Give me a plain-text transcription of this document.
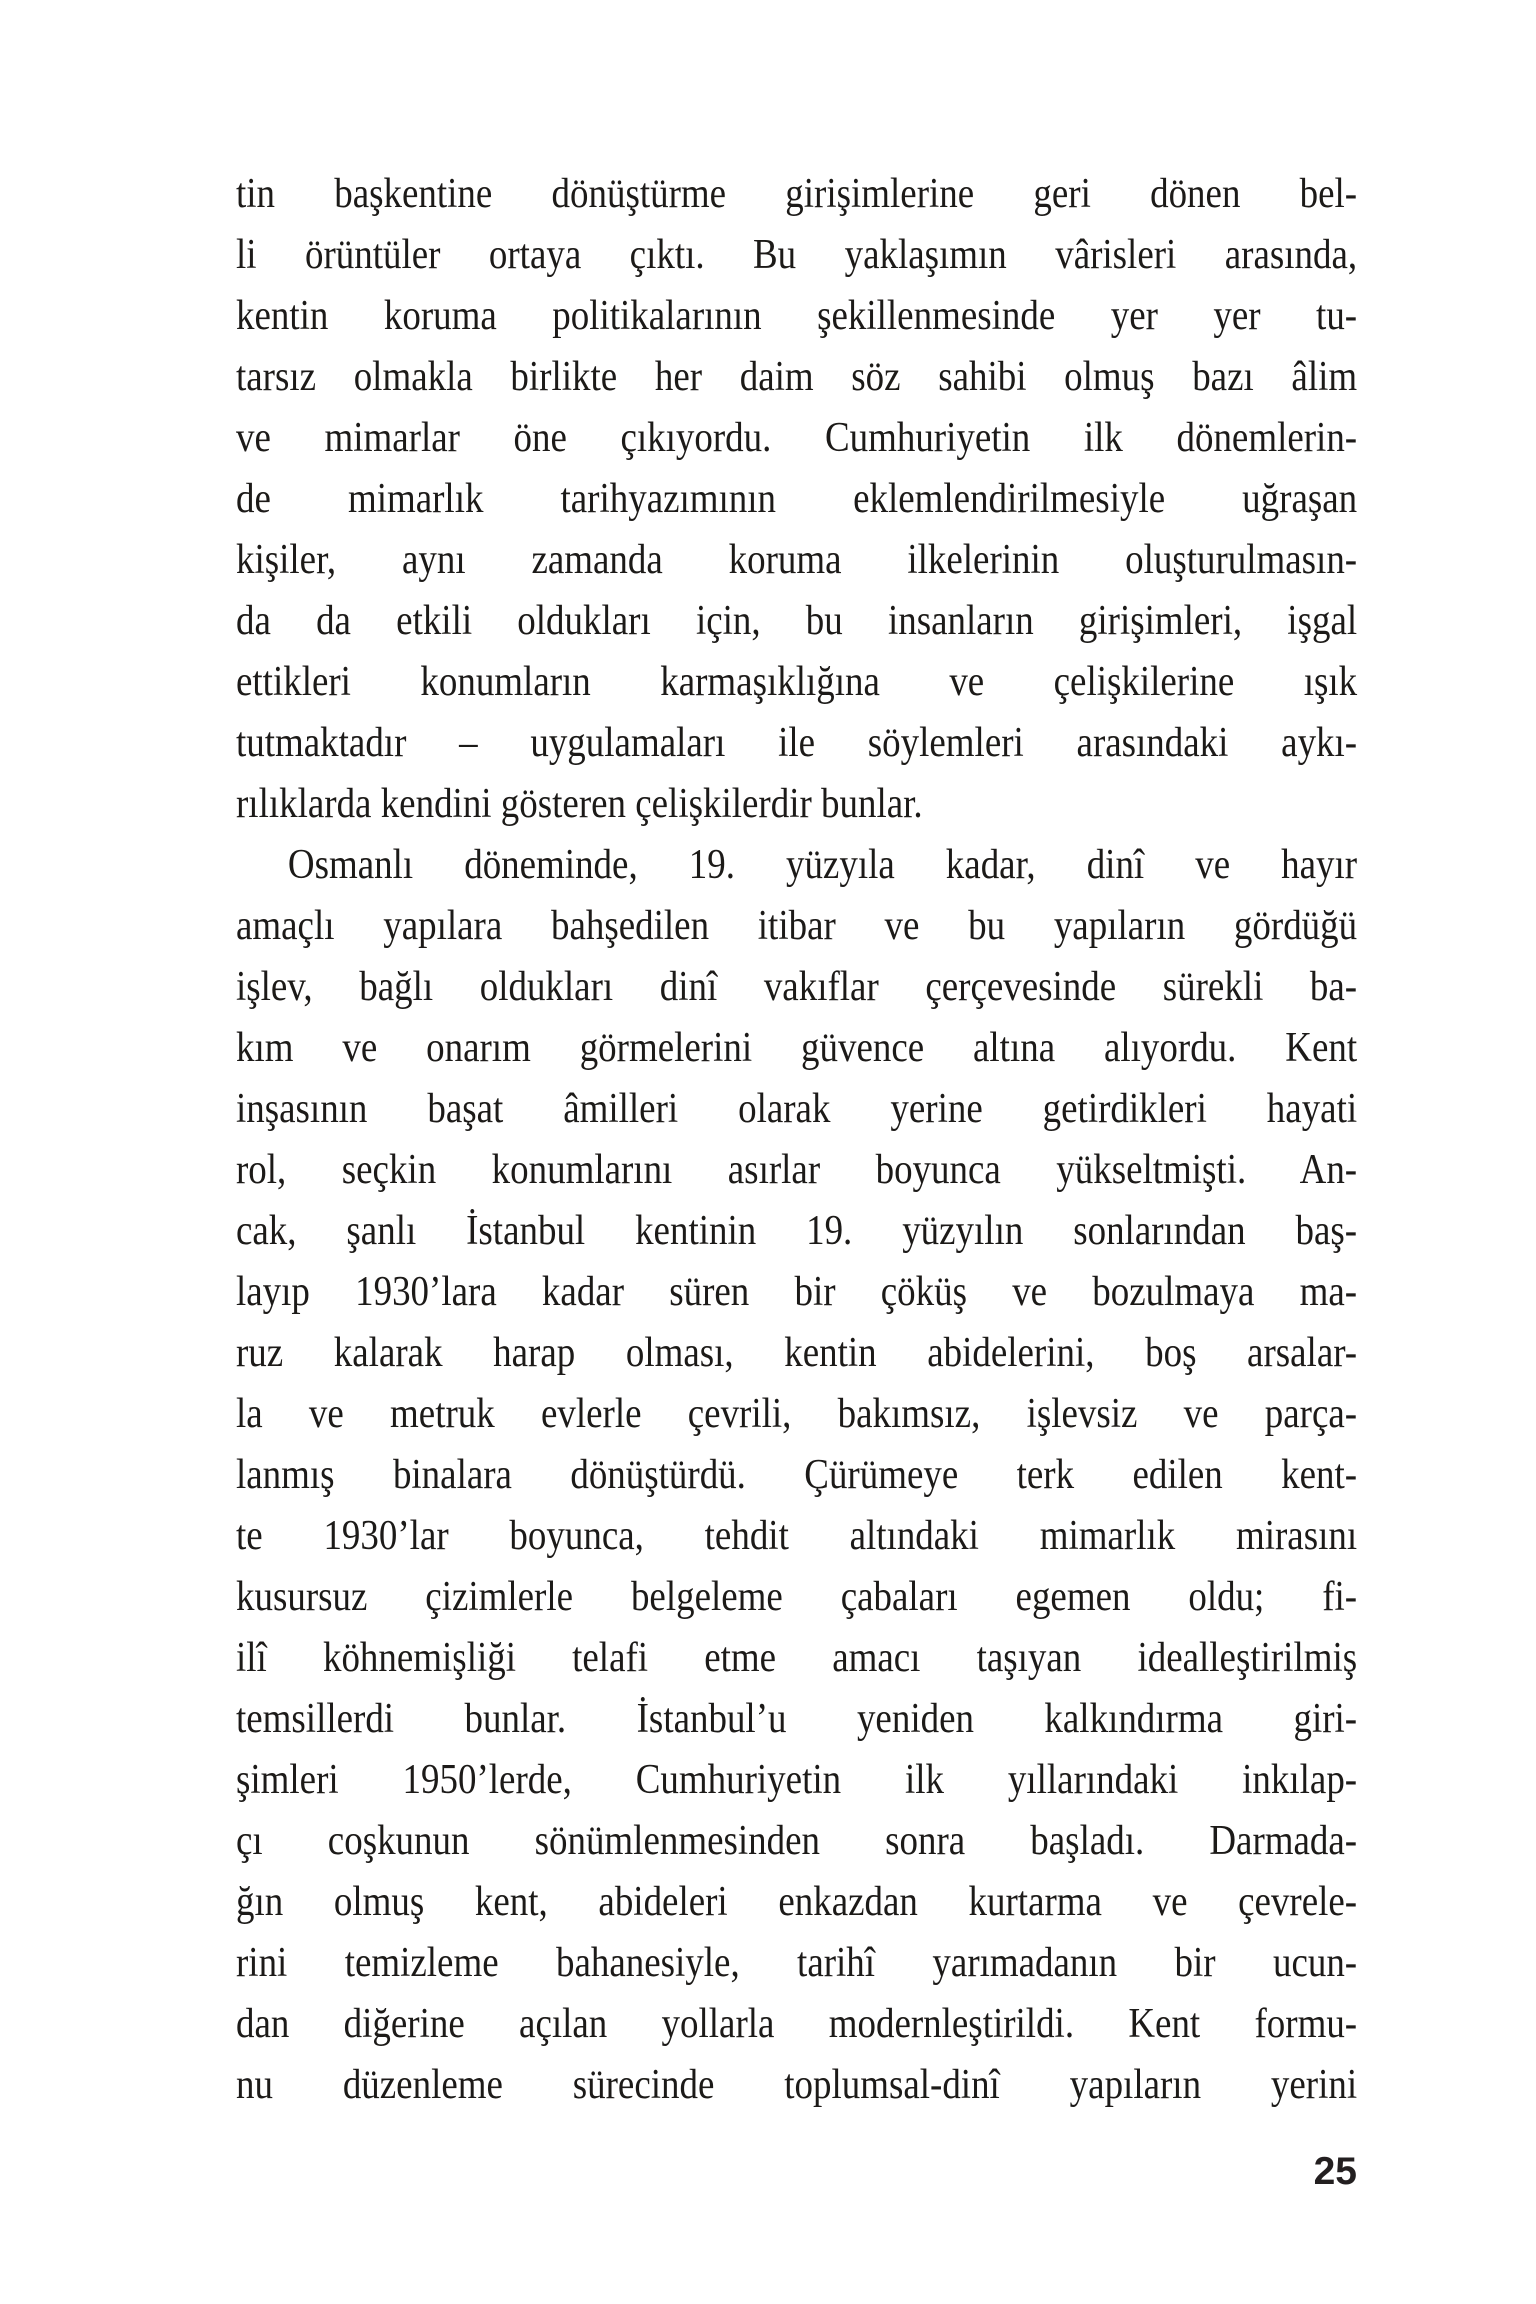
tin başkentine dönüştürme girişimlerine geri dönen bel-
li örüntüler ortaya çıktı. Bu yaklaşımın vârisleri arasında,
kentin koruma politikalarının şekillenmesinde yer yer tu-
tarsız olmakla birlikte her daim söz sahibi olmuş bazı âlim
ve mimarlar öne çıkıyordu. Cumhuriyetin ilk dönemlerin-
de mimarlık tarihyazımının eklemlendirilmesiyle uğraşan
kişiler, aynı zamanda koruma ilkelerinin oluşturulmasın-
da da etkili oldukları için, bu insanların girişimleri, işgal
ettikleri konumların karmaşıklığına ve çelişkilerine ışık
tutmaktadır – uygulamaları ile söylemleri arasındaki aykı-
rılıklarda kendini gösteren çelişkilerdir bunlar.
Osmanlı döneminde, 19. yüzyıla kadar, dinî ve hayır
amaçlı yapılara bahşedilen itibar ve bu yapıların gördüğü
işlev, bağlı oldukları dinî vakıflar çerçevesinde sürekli ba-
kım ve onarım görmelerini güvence altına alıyordu. Kent
inşasının başat âmilleri olarak yerine getirdikleri hayati
rol, seçkin konumlarını asırlar boyunca yükseltmişti. An-
cak, şanlı İstanbul kentinin 19. yüzyılın sonlarından baş-
layıp 1930’lara kadar süren bir çöküş ve bozulmaya ma-
ruz kalarak harap olması, kentin abidelerini, boş arsalar-
la ve metruk evlerle çevrili, bakımsız, işlevsiz ve parça-
lanmış binalara dönüştürdü. Çürümeye terk edilen kent-
te 1930’lar boyunca, tehdit altındaki mimarlık mirasını
kusursuz çizimlerle belgeleme çabaları egemen oldu; fi-
ilî köhnemişliği telafi etme amacı taşıyan idealleştirilmiş
temsillerdi bunlar. İstanbul’u yeniden kalkındırma giri-
şimleri 1950’lerde, Cumhuriyetin ilk yıllarındaki inkılap-
çı coşkunun sönümlenmesinden sonra başladı. Darmada-
ğın olmuş kent, abideleri enkazdan kurtarma ve çevrele-
rini temizleme bahanesiyle, tarihî yarımadanın bir ucun-
dan diğerine açılan yollarla modernleştirildi. Kent formu-
nu düzenleme sürecinde toplumsal-dinî yapıların yerini
25
